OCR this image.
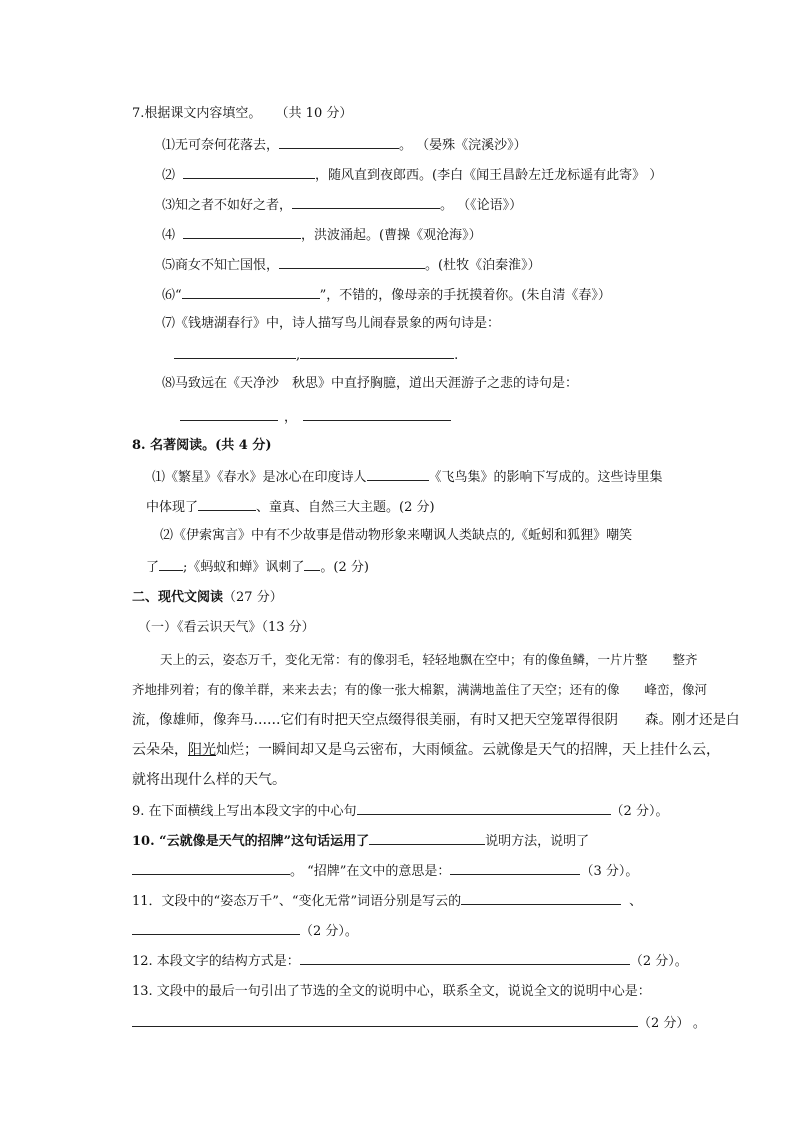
7.根据课文内容填空。 （共 10 分）
⑴无可奈何花落去，	。 （晏殊《浣溪沙》）
⑵	，随风直到夜郎西。(李白《闻王昌龄左迁龙标遥有此寄》 ）
⑶知之者不如好之者，	。 （《论语》）
⑷	，洪波涌起。(曹操《观沧海》）
⑸商女不知亡国恨，	。(杜牧《泊秦淮》）
⑹“	”，不错的，像母亲的手抚摸着你。(朱自清《春》）
⑺《钱塘湖春行》中，诗人描写鸟儿闹春景象的两句诗是：
,	.
⑻马致远在《天净沙　秋思》中直抒胸臆，道出天涯游子之悲的诗句是：
，
8. 名著阅读。(共 4 分)
⑴《繁星》《春水》是冰心在印度诗人	《飞鸟集》的影响下写成的。这些诗里集
中体现了	、童真、自然三大主题。(2 分)
⑵《伊索寓言》中有不少故事是借动物形象来嘲讽人类缺点的,《蚯蚓和狐狸》嘲笑
了 ;《蚂蚁和蝉》讽刺了 。(2 分)
二、现代文阅读（27 分）
（一）《看云识天气》（13 分）
天上的云，姿态万千，变化无常：有的像羽毛，轻轻地飘在空中；有的像鱼鳞，一片片整　　整齐
齐地排列着；有的像羊群，来来去去；有的像一张大棉絮，满满地盖住了天空；还有的像　　峰峦，像河
流，像雄师，像奔马……它们有时把天空点缀得很美丽，有时又把天空笼罩得很阴　　森。刚才还是白
云朵朵，阳光灿烂；一瞬间却又是乌云密布，大雨倾盆。云就像是天气的招牌，天上挂什么云，
就将出现什么样的天气。
9. 在下面横线上写出本段文字的中心句	（2 分）。
10. “云就像是天气的招牌”这句话运用了	说明方法，说明了
。 “招牌”在文中的意思是：	（3 分）。
11．文段中的“姿态万千”、“变化无常”词语分别是写云的	、
（2 分）。
12. 本段文字的结构方式是：	（2 分）。
13. 文段中的最后一句引出了节选的全文的说明中心，联系全文，说说全文的说明中心是：
（2 分） 。
